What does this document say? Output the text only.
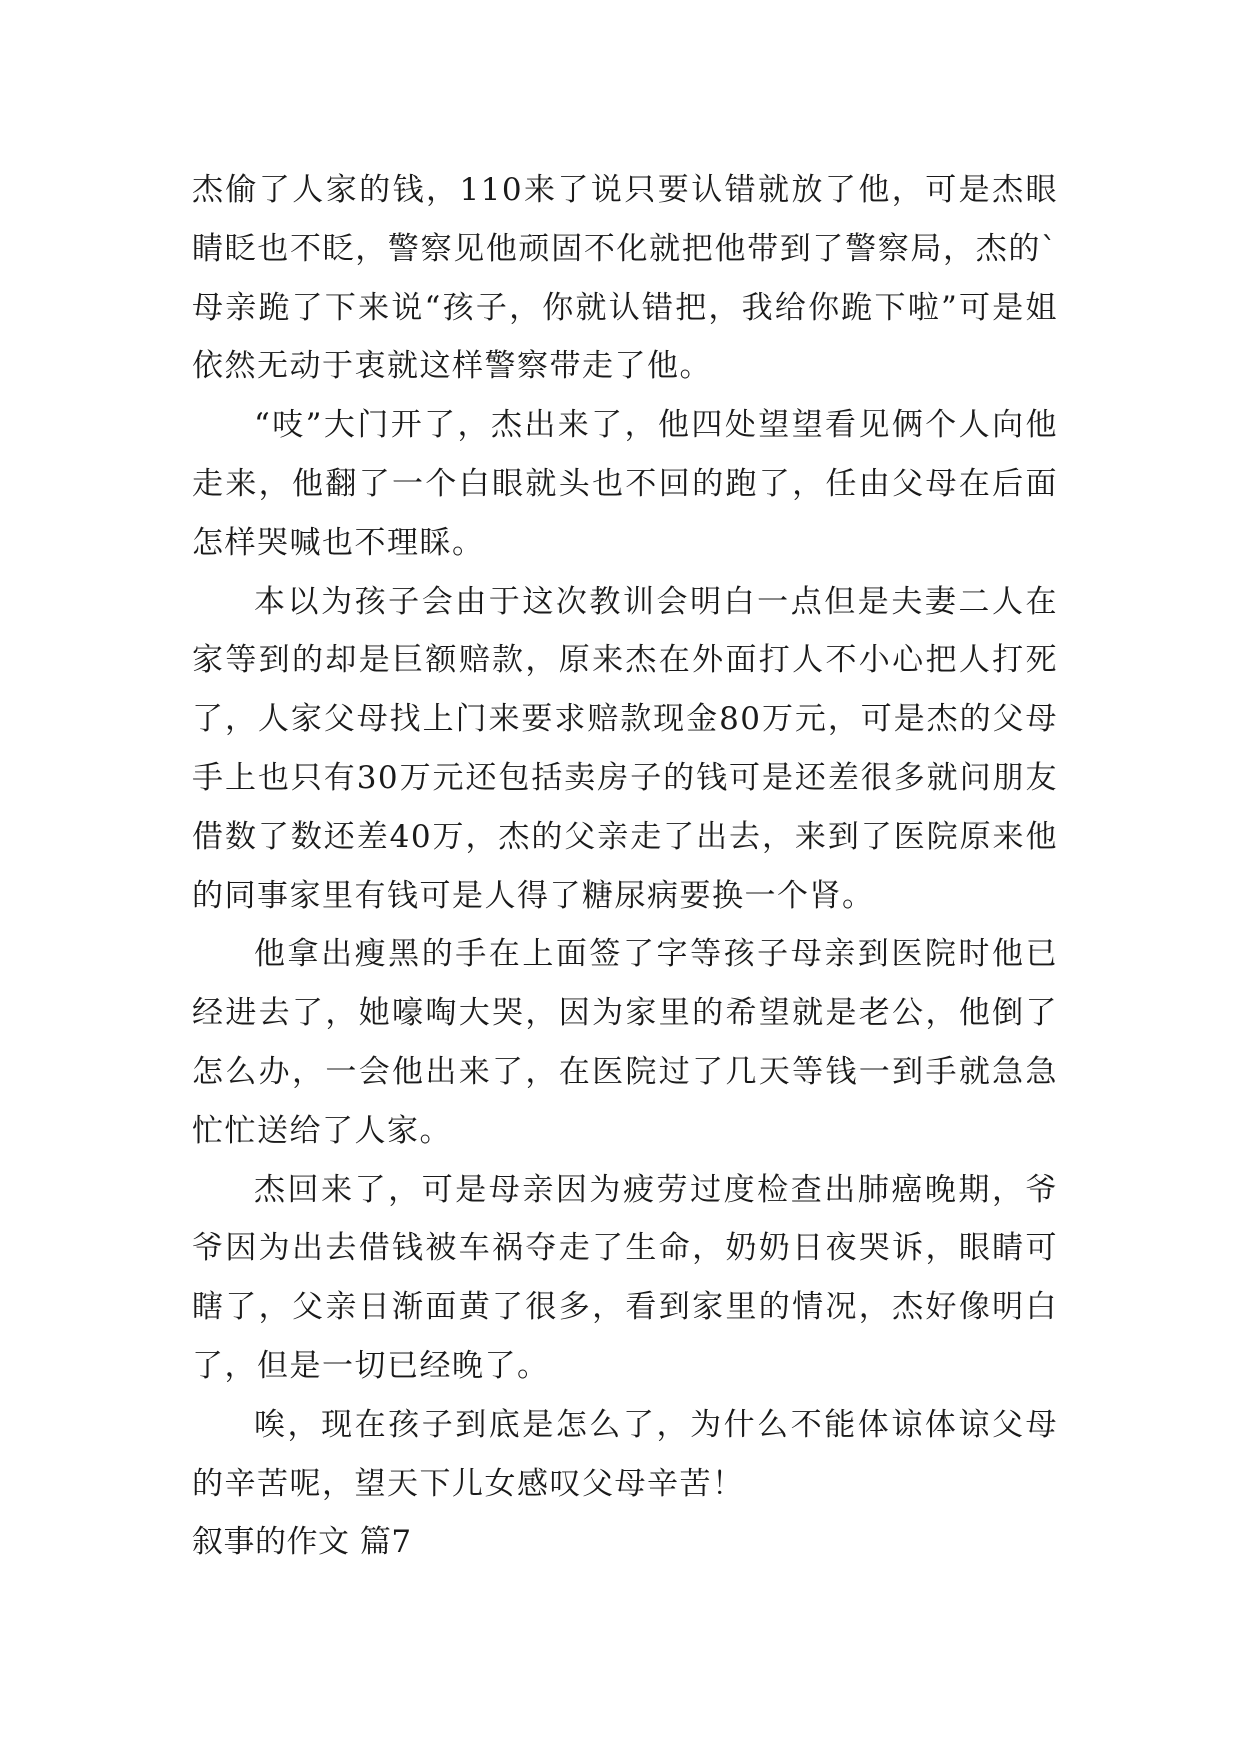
杰偷了人家的钱，110来了说只要认错就放了他，可是杰眼睛眨也不眨，警察见他顽固不化就把他带到了警察局，杰的`母亲跪了下来说“孩子，你就认错把，我给你跪下啦”可是姐依然无动于衷就这样警察带走了他。

“吱”大门开了，杰出来了，他四处望望看见俩个人向他走来，他翻了一个白眼就头也不回的跑了，任由父母在后面怎样哭喊也不理睬。

本以为孩子会由于这次教训会明白一点但是夫妻二人在家等到的却是巨额赔款，原来杰在外面打人不小心把人打死了，人家父母找上门来要求赔款现金80万元，可是杰的父母手上也只有30万元还包括卖房子的钱可是还差很多就问朋友借数了数还差40万，杰的父亲走了出去，来到了医院原来他的同事家里有钱可是人得了糖尿病要换一个肾。

他拿出瘦黑的手在上面签了字等孩子母亲到医院时他已经进去了，她嚎啕大哭，因为家里的希望就是老公，他倒了怎么办，一会他出来了，在医院过了几天等钱一到手就急急忙忙送给了人家。

杰回来了，可是母亲因为疲劳过度检查出肺癌晚期，爷爷因为出去借钱被车祸夺走了生命，奶奶日夜哭诉，眼睛可瞎了，父亲日渐面黄了很多，看到家里的情况，杰好像明白了，但是一切已经晚了。

唉，现在孩子到底是怎么了，为什么不能体谅体谅父母的辛苦呢，望天下儿女感叹父母辛苦！

叙事的作文 篇7
